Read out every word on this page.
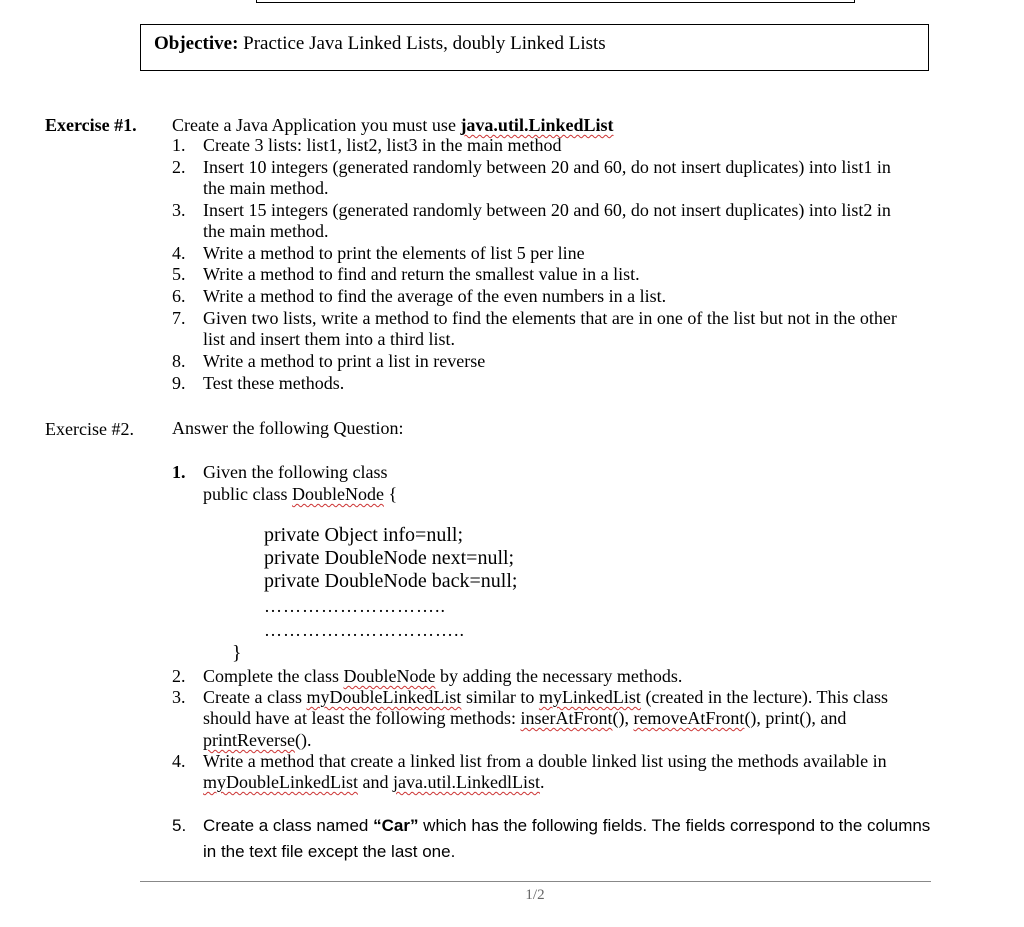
Objective: Practice Java Linked Lists, doubly Linked Lists
Exercise #1. Create a Java Application you must use java.util.LinkedList
1. Create 3 lists: list1, list2, list3 in the main method
2. Insert 10 integers (generated randomly between 20 and 60, do not insert duplicates) into list1 in
the main method.
3. Insert 15 integers (generated randomly between 20 and 60, do not insert duplicates) into list2 in
the main method.
4. Write a method to print the elements of list 5 per line
5. Write a method to find and return the smallest value in a list.
6. Write a method to find the average of the even numbers in a list.
7. Given two lists, write a method to find the elements that are in one of the list but not in the other
list and insert them into a third list.
8. Write a method to print a list in reverse
9. Test these methods.
Exercise #2. Answer the following Question:
1. Given the following class
public class DoubleNode {
private Object info=null;
private DoubleNode next=null;
private DoubleNode back=null;
………………………..
…………………………..
}
2. Complete the class DoubleNode by adding the necessary methods.
3. Create a class myDoubleLinkedList similar to myLinkedList (created in the lecture). This class
should have at least the following methods: inserAtFront(), removeAtFront(), print(), and
printReverse().
4. Write a method that create a linked list from a double linked list using the methods available in
myDoubleLinkedList and java.util.LinkedlList.
5. Create a class named “Car” which has the following fields. The fields correspond to the columns
in the text file except the last one.
1/2
